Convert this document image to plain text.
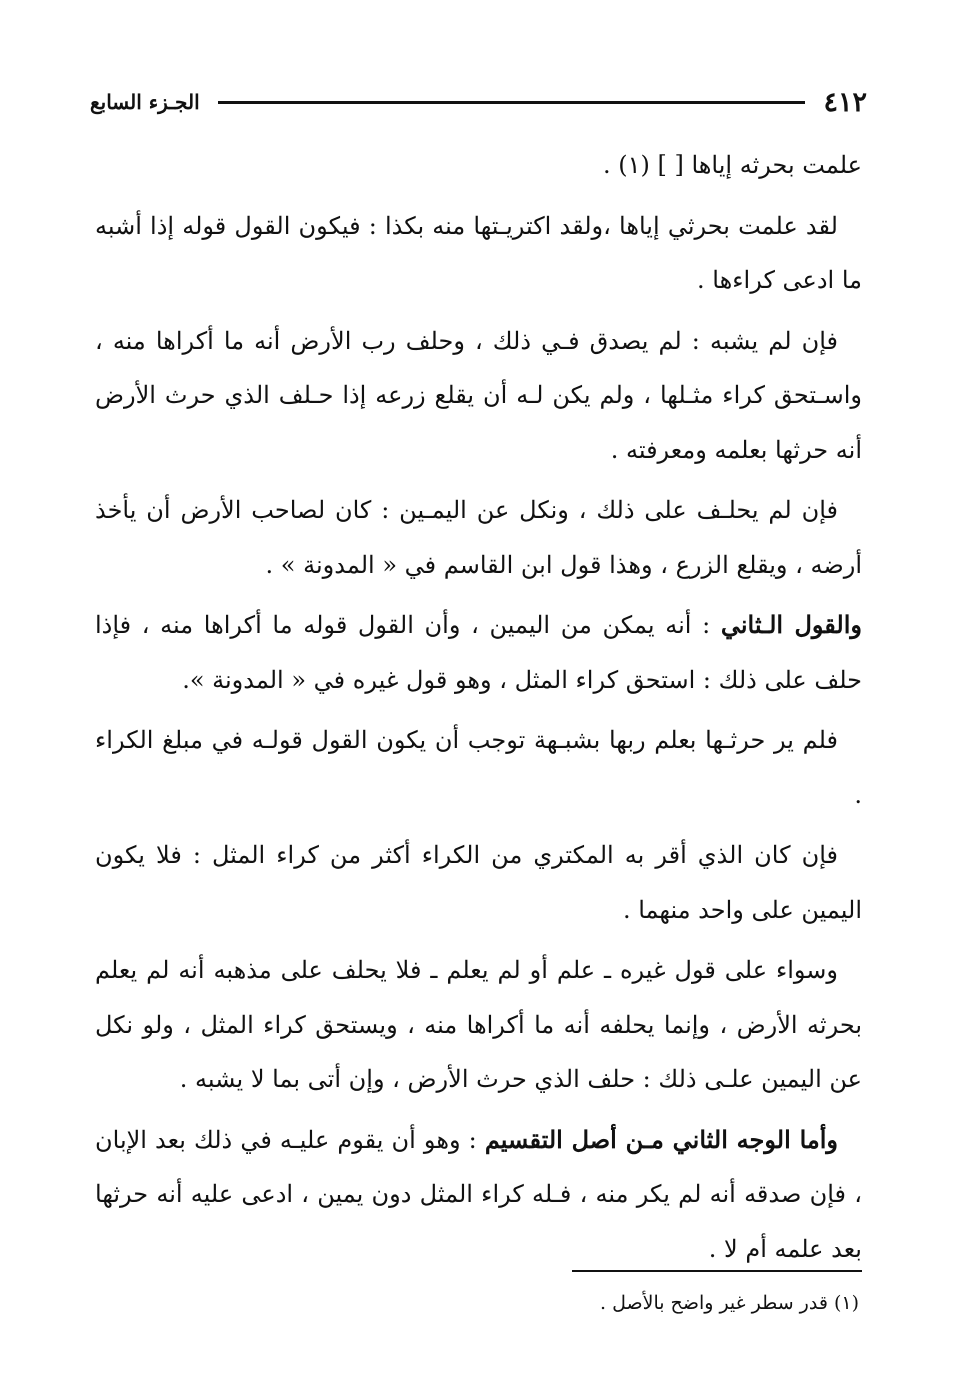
٤١٢
الجـزء السابع

علمت بحرثه إياها [ ] (١) .

لقد علمت بحرثي إياها ،ولقد اكتريـتها منه بكذا : فيكون القول قوله إذا أشبه ما ادعى كراءها .

فإن لم يشبه : لم يصدق فـي ذلك ، وحلف رب الأرض أنه ما أكراها منه ، واسـتحق كراء مثـلها ، ولم يكن لـه أن يقلع زرعه إذا حـلف الذي حرث الأرض أنه حرثها بعلمه ومعرفته .

فإن لم يحلـف على ذلك ، ونكل عن اليمـين : كان لصاحب الأرض أن يأخذ أرضه ، ويقلع الزرع ، وهذا قول ابن القاسم في « المدونة » .

والقول الـثاني : أنه يمكن من اليمين ، وأن القول قوله ما أكراها منه ، فإذا حلف على ذلك : استحق كراء المثل ، وهو قول غيره في « المدونة ».

فلم ير حرثـها بعلم ربها بشبـهة توجب أن يكون القول قولـه في مبلغ الكراء .

فإن كان الذي أقر به المكتري من الكراء أكثر من كراء المثل : فلا يكون اليمين على واحد منهما .

وسواء على قول غيره ـ علم أو لم يعلم ـ فلا يحلف على مذهبه أنه لم يعلم بحرثه الأرض ، وإنما يحلفه أنه ما أكراها منه ، ويستحق كراء المثل ، ولو نكل عن اليمين علـى ذلك : حلف الذي حرث الأرض ، وإن أتى بما لا يشبه .

وأما الوجه الثاني مـن أصل التقسيم : وهو أن يقوم عليـه في ذلك بعد الإبان ، فإن صدقه أنه لم يكر منه ، فـله كراء المثل دون يمين ، ادعى عليه أنه حرثها بعد علمه أم لا .

(١) قدر سطر غير واضح بالأصل .
